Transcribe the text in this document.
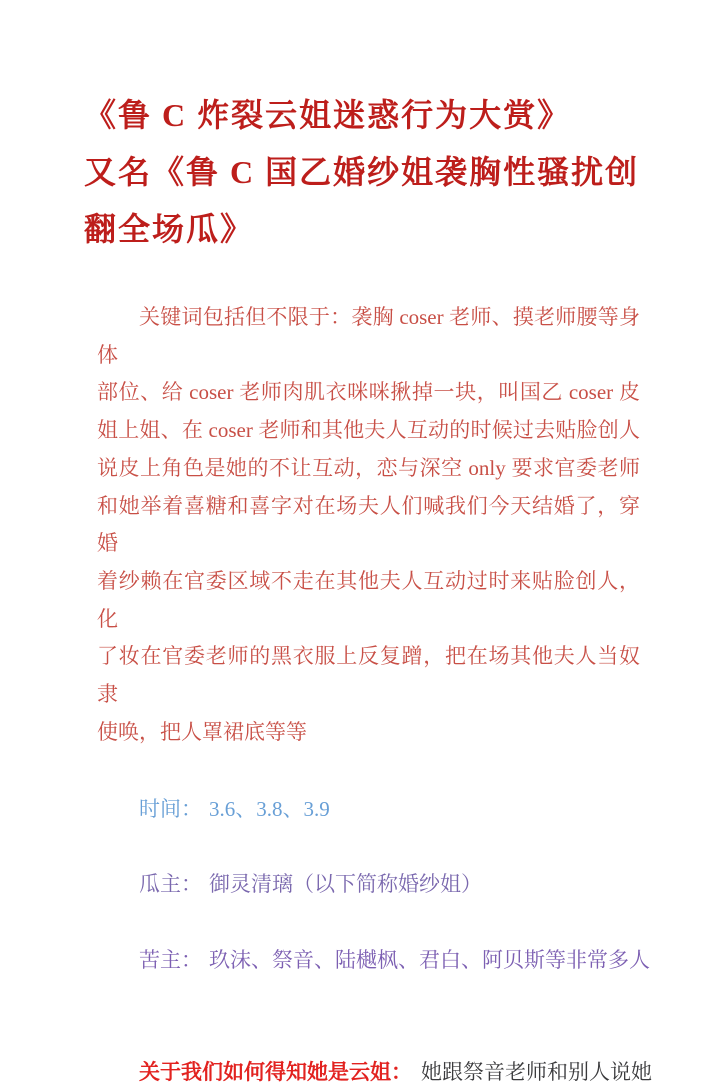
《鲁 C 炸裂云姐迷惑行为大赏》
又名《鲁 C 国乙婚纱姐袭胸性骚扰创
翻全场瓜》
关键词包括但不限于：袭胸 coser 老师、摸老师腰等身体
部位、给 coser 老师肉肌衣咪咪揪掉一块，叫国乙 coser 皮
姐上姐、在 coser 老师和其他夫人互动的时候过去贴脸创人
说皮上角色是她的不让互动，恋与深空 only 要求官委老师
和她举着喜糖和喜字对在场夫人们喊我们今天结婚了，穿婚
着纱赖在官委区域不走在其他夫人互动过时来贴脸创人，化
了妆在官委老师的黑衣服上反复蹭，把在场其他夫人当奴隶
使唤，把人罩裙底等等
时间： 3.6、3.8、3.9
瓜主： 御灵清璃（以下简称婚纱姐）
苦主： 玖沫、祭音、陆樾枫、君白、阿贝斯等非常多人
关于我们如何得知她是云姐： 她跟祭音老师和别人说她
